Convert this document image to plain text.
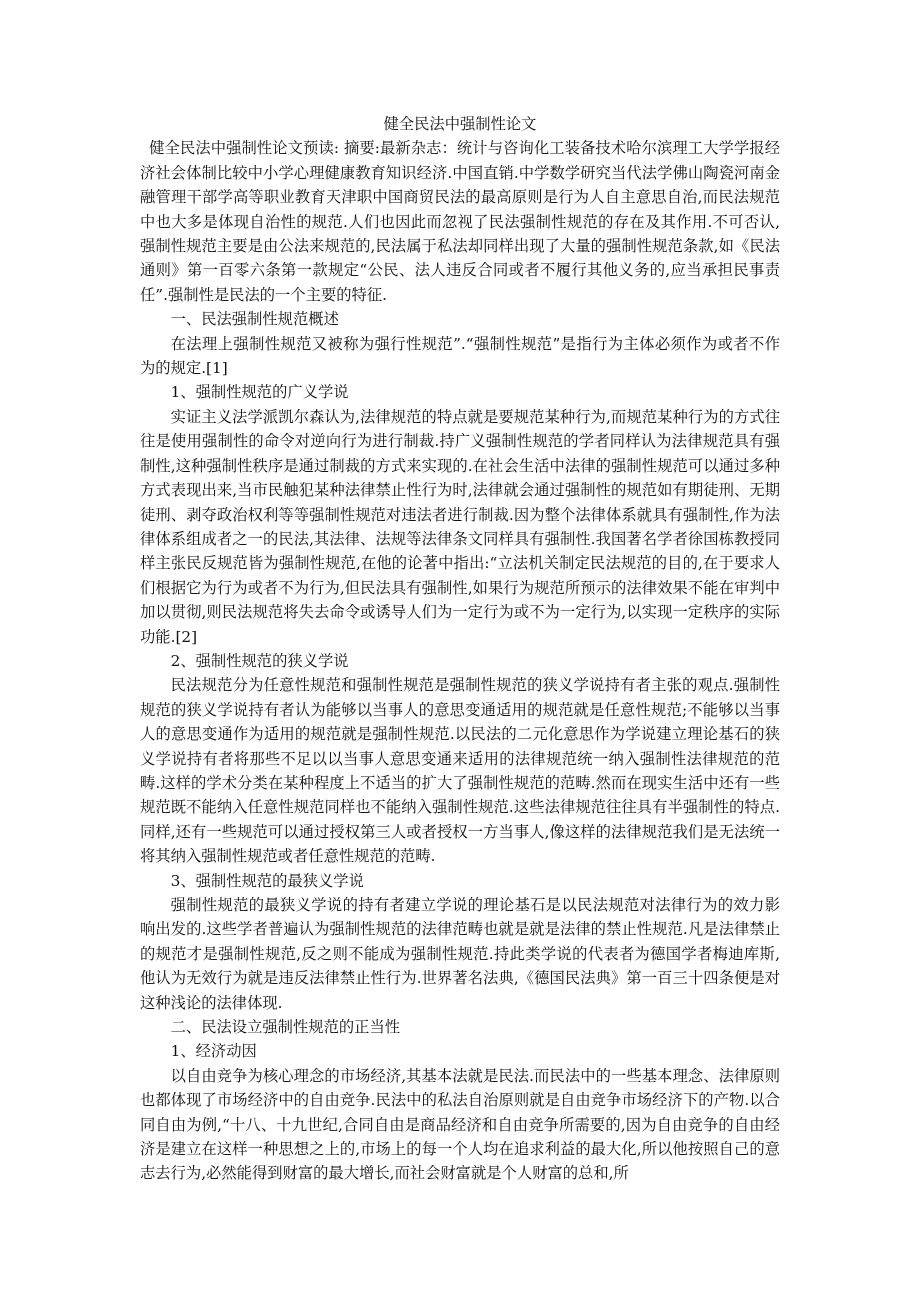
健全民法中强制性论文

健全民法中强制性论文预读: 摘要:最新杂志：统计与咨询化工装备技术哈尔滨理工大学学报经济社会体制比较中小学心理健康教育知识经济.中国直销.中学数学研究当代法学佛山陶瓷河南金融管理干部学高等职业教育天津职中国商贸民法的最高原则是行为人自主意思自治,而民法规范中也大多是体现自治性的规范.人们也因此而忽视了民法强制性规范的存在及其作用.不可否认,强制性规范主要是由公法来规范的,民法属于私法却同样出现了大量的强制性规范条款,如《民法通则》第一百零六条第一款规定“公民、法人违反合同或者不履行其他义务的,应当承担民事责任”.强制性是民法的一个主要的特征.

一、民法强制性规范概述

在法理上强制性规范又被称为强行性规范”.“强制性规范”是指行为主体必须作为或者不作为的规定.[1]

1、强制性规范的广义学说

实证主义法学派凯尔森认为,法律规范的特点就是要规范某种行为,而规范某种行为的方式往往是使用强制性的命令对逆向行为进行制裁.持广义强制性规范的学者同样认为法律规范具有强制性,这种强制性秩序是通过制裁的方式来实现的.在社会生活中法律的强制性规范可以通过多种方式表现出来,当市民触犯某种法律禁止性行为时,法律就会通过强制性的规范如有期徒刑、无期徒刑、剥夺政治权利等等强制性规范对违法者进行制裁.因为整个法律体系就具有强制性,作为法律体系组成者之一的民法,其法律、法规等法律条文同样具有强制性.我国著名学者徐国栋教授同样主张民反规范皆为强制性规范,在他的论著中指出:“立法机关制定民法规范的目的,在于要求人们根据它为行为或者不为行为,但民法具有强制性,如果行为规范所预示的法律效果不能在审判中加以贯彻,则民法规范将失去命令或诱导人们为一定行为或不为一定行为,以实现一定秩序的实际功能.[2]

2、强制性规范的狭义学说

民法规范分为任意性规范和强制性规范是强制性规范的狭义学说持有者主张的观点.强制性规范的狭义学说持有者认为能够以当事人的意思变通适用的规范就是任意性规范;不能够以当事人的意思变通作为适用的规范就是强制性规范.以民法的二元化意思作为学说建立理论基石的狭义学说持有者将那些不足以以当事人意思变通来适用的法律规范统一纳入强制性法律规范的范畴.这样的学术分类在某种程度上不适当的扩大了强制性规范的范畴.然而在现实生活中还有一些规范既不能纳入任意性规范同样也不能纳入强制性规范.这些法律规范往往具有半强制性的特点.同样,还有一些规范可以通过授权第三人或者授权一方当事人,像这样的法律规范我们是无法统一将其纳入强制性规范或者任意性规范的范畴.

3、强制性规范的最狭义学说

强制性规范的最狭义学说的持有者建立学说的理论基石是以民法规范对法律行为的效力影响出发的.这些学者普遍认为强制性规范的法律范畴也就是就是法律的禁止性规范.凡是法律禁止的规范才是强制性规范,反之则不能成为强制性规范.持此类学说的代表者为德国学者梅迪库斯,他认为无效行为就是违反法律禁止性行为.世界著名法典,《德国民法典》第一百三十四条便是对这种浅论的法律体现.

二、民法设立强制性规范的正当性

1、经济动因

以自由竞争为核心理念的市场经济,其基本法就是民法.而民法中的一些基本理念、法律原则也都体现了市场经济中的自由竞争.民法中的私法自治原则就是自由竞争市场经济下的产物.以合同自由为例,“十八、十九世纪,合同自由是商品经济和自由竞争所需要的,因为自由竞争的自由经济是建立在这样一种思想之上的,市场上的每一个人均在追求利益的最大化,所以他按照自己的意志去行为,必然能得到财富的最大增长,而社会财富就是个人财富的总和,所
